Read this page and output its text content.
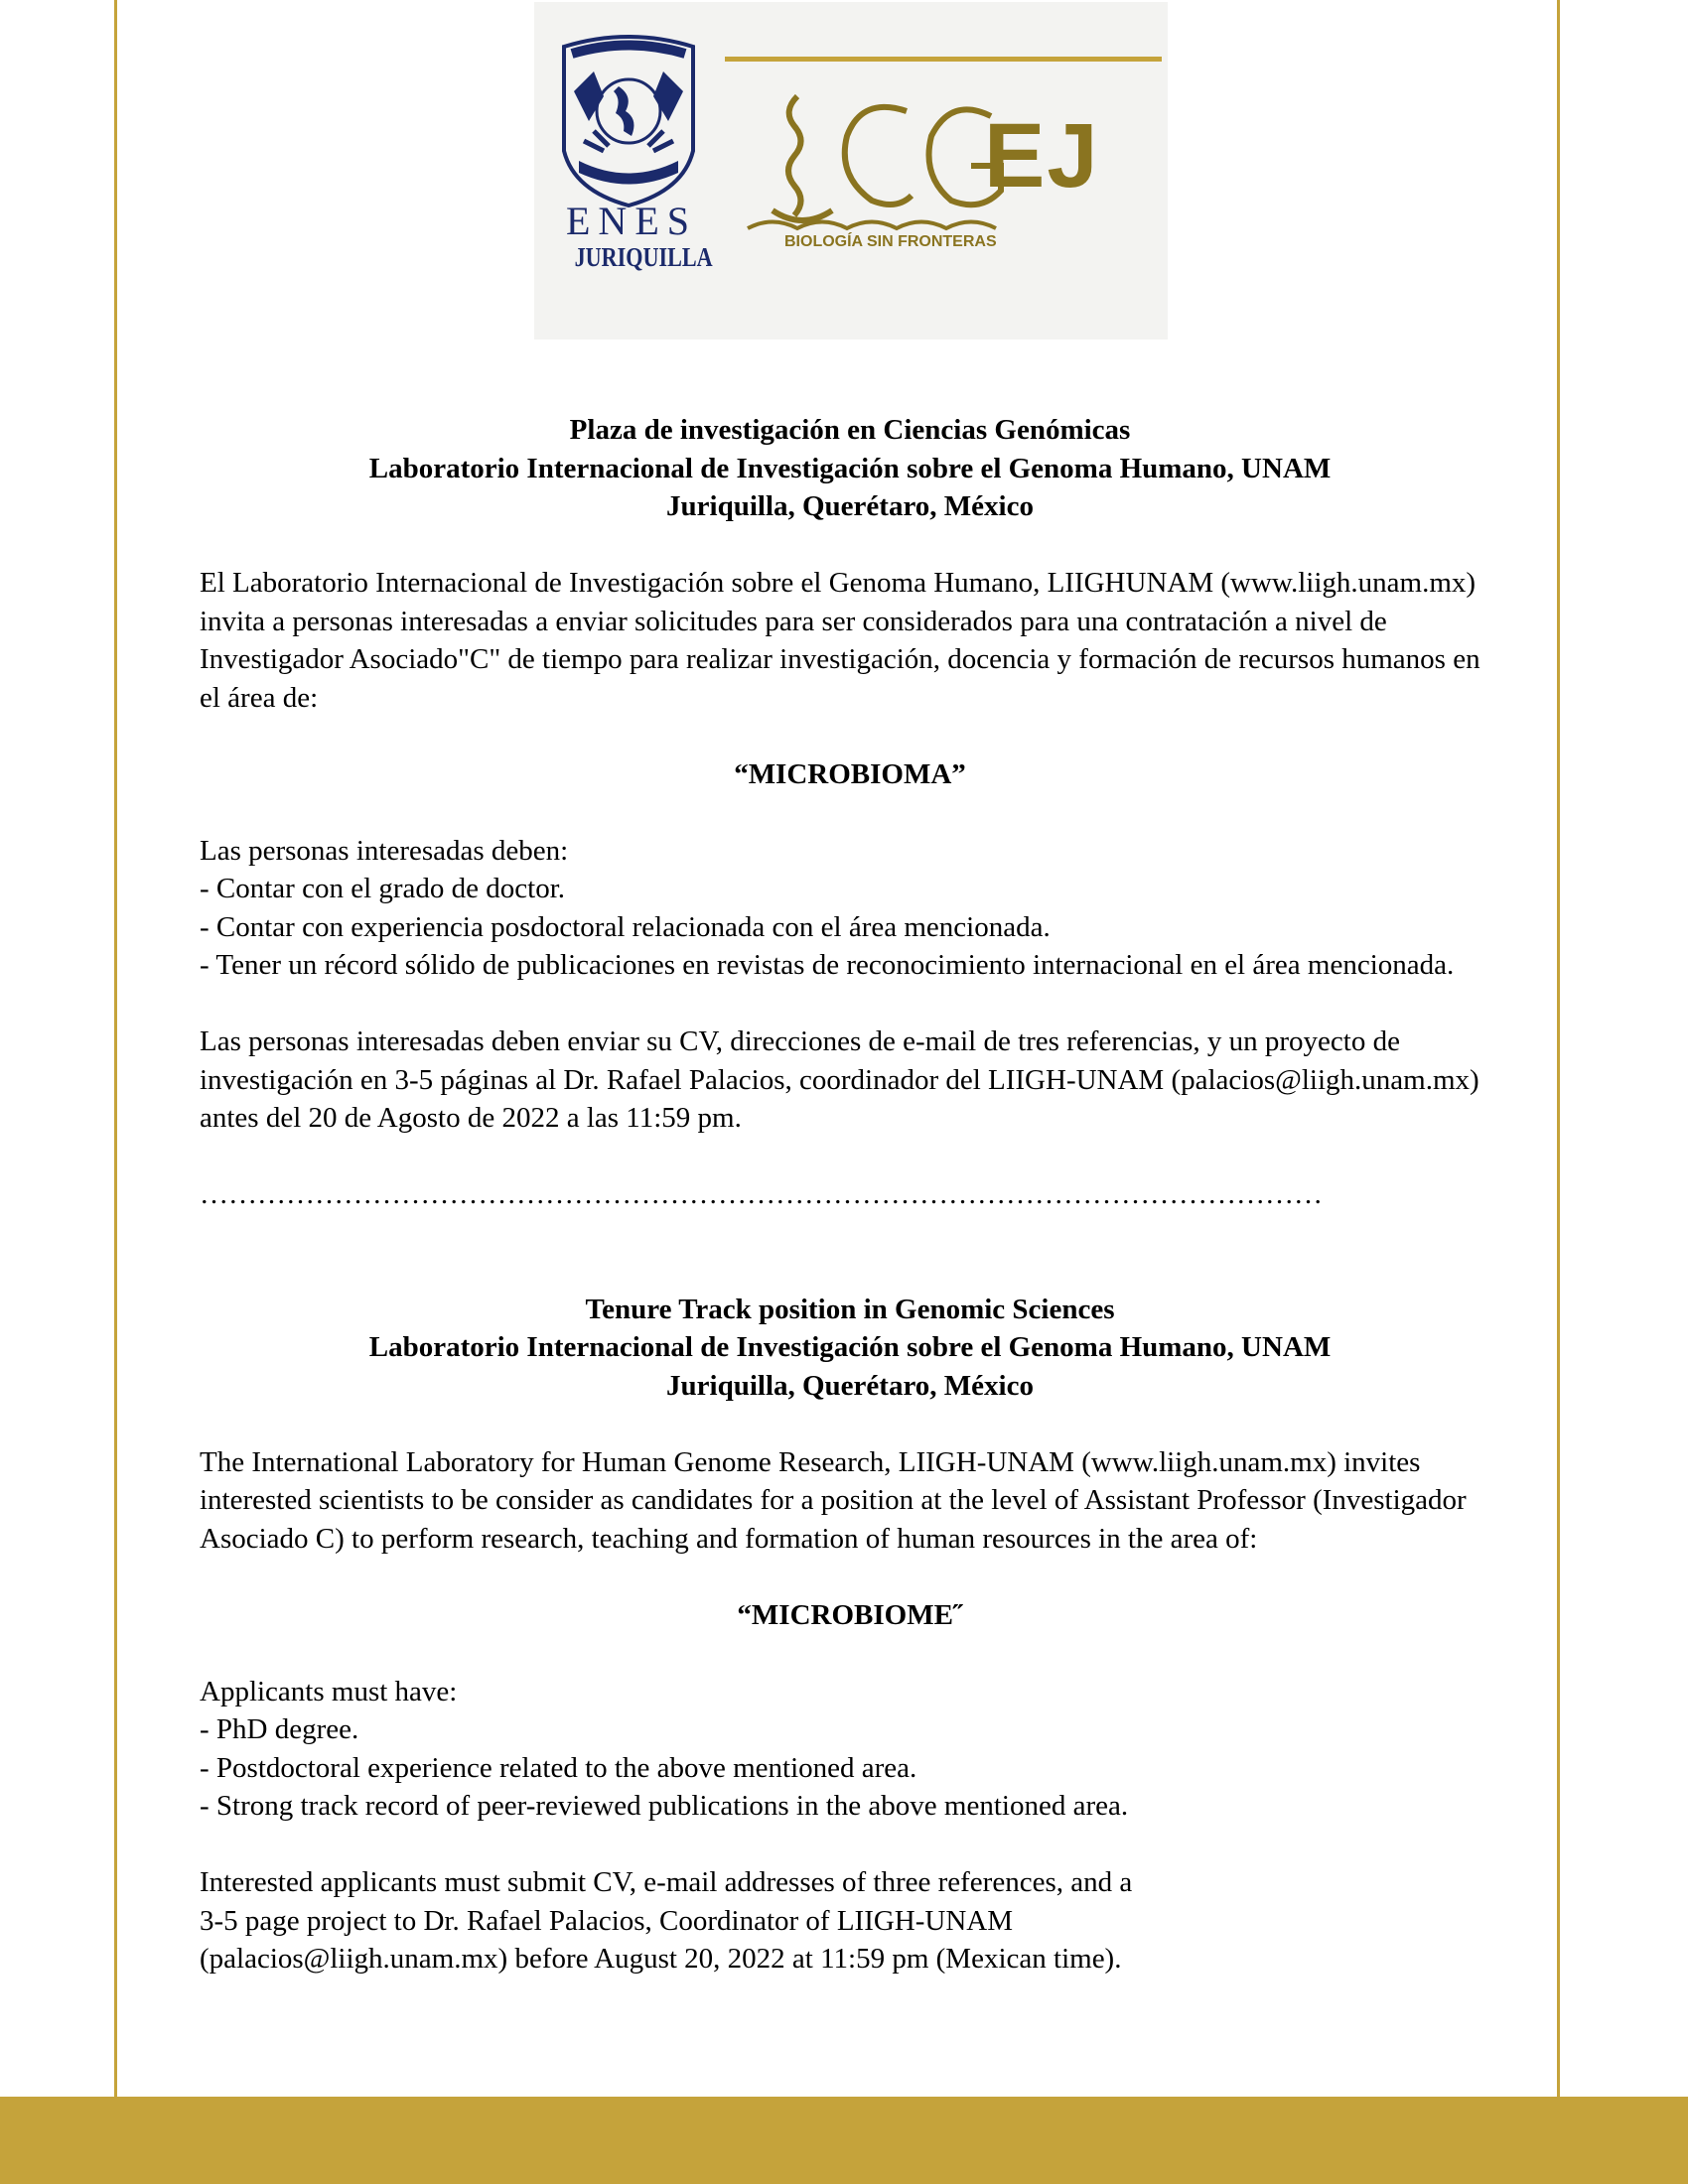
ENES
JURIQUILLA
EJ
BIOLOGÍA SIN FRONTERAS

Plaza de investigación en Ciencias Genómicas

Laboratorio Internacional de Investigación sobre el Genoma Humano, UNAM

Juriquilla, Querétaro, México

El Laboratorio Internacional de Investigación sobre el Genoma Humano, LIIGHUNAM (www.liigh.unam.mx) invita a personas interesadas a enviar solicitudes para ser considerados para una contratación a nivel de Investigador Asociado"C" de tiempo para realizar investigación, docencia y formación de recursos humanos en el área de:

“MICROBIOMA”

Las personas interesadas deben:

- Contar con el grado de doctor.

- Contar con experiencia posdoctoral relacionada con el área mencionada.

- Tener un récord sólido de publicaciones en revistas de reconocimiento internacional en el área mencionada.

Las personas interesadas deben enviar su CV, direcciones de e-mail de tres referencias, y un proyecto de investigación en 3-5 páginas al Dr. Rafael Palacios, coordinador del LIIGH-UNAM (palacios@liigh.unam.mx) antes del 20 de Agosto de 2022 a las 11:59 pm.

………………………………………………………………………………………………………

Tenure Track position in Genomic Sciences

Laboratorio Internacional de Investigación sobre el Genoma Humano, UNAM

Juriquilla, Querétaro, México

The International Laboratory for Human Genome Research, LIIGH-UNAM (www.liigh.unam.mx) invites interested scientists to be consider as candidates for a position at the level of Assistant Professor (Investigador Asociado C) to perform research, teaching and formation of human resources in the area of:

“MICROBIOME˝

Applicants must have:

- PhD degree.

- Postdoctoral experience related to the above mentioned area.

- Strong track record of peer-reviewed publications in the above mentioned area.

Interested applicants must submit CV, e-mail addresses of three references, and a

3-5 page project to Dr. Rafael Palacios, Coordinator of LIIGH-UNAM

(palacios@liigh.unam.mx) before August 20, 2022 at 11:59 pm (Mexican time).
